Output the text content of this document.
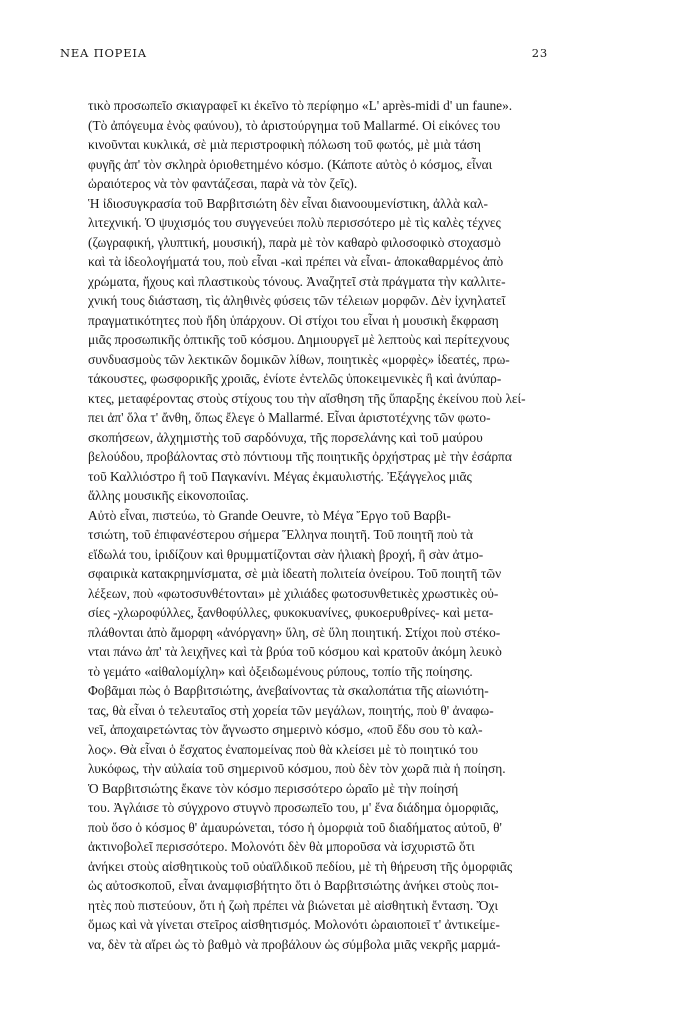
ΝΕΑ ΠΟΡΕΙΑ	23
τικὸ προσωπεῖο σκιαγραφεῖ κι ἐκεῖνο τὸ περίφημο «L' après-midi d' un faune».
(Τὸ ἀπόγευμα ἑνὸς φαύνου), τὸ ἀριστούργημα τοῦ Mallarmé. Οἱ εἰκόνες του
κινοῦνται κυκλικά, σὲ μιὰ περιστροφικὴ πόλωση τοῦ φωτός, μὲ μιὰ τάση
φυγῆς ἀπ' τὸν σκληρὰ ὁριοθετημένο κόσμο. (Κάποτε αὐτὸς ὁ κόσμος, εἶναι
ὡραιότερος νὰ τὸν φαντάζεσαι, παρὰ νὰ τὸν ζεῖς).
Ἡ ἰδιοσυγκρασία τοῦ Βαρβιτσιώτη δὲν εἶναι διανοουμενίστικη, ἀλλὰ καλ-
λιτεχνική. Ὁ ψυχισμός του συγγενεύει πολὺ περισσότερο μὲ τὶς καλὲς τέχνες
(ζωγραφική, γλυπτική, μουσική), παρὰ μὲ τὸν καθαρὸ φιλοσοφικὸ στοχασμὸ
καὶ τὰ ἰδεολογήματά του, ποὺ εἶναι -καὶ πρέπει νὰ εἶναι- ἀποκαθαρμένος ἀπὸ
χρώματα, ἤχους καὶ πλαστικοὺς τόνους. Ἀναζητεῖ στὰ πράγματα τὴν καλλιτε-
χνική τους διάσταση, τὶς ἀληθινὲς φύσεις τῶν τέλειων μορφῶν. Δὲν ἰχνηλατεῖ
πραγματικότητες ποὺ ἤδη ὑπάρχουν. Οἱ στίχοι του εἶναι ἡ μουσικὴ ἔκφραση
μιᾶς προσωπικῆς ὀπτικῆς τοῦ κόσμου. Δημιουργεῖ μὲ λεπτοὺς καὶ περίτεχνους
συνδυασμοὺς τῶν λεκτικῶν δομικῶν λίθων, ποιητικὲς «μορφὲς» ἰδεατές, πρω-
τάκουστες, φωσφορικῆς χροιᾶς, ἐνίοτε ἐντελῶς ὑποκειμενικὲς ἢ καὶ ἀνύπαρ-
κτες, μεταφέροντας στοὺς στίχους του τὴν αἴσθηση τῆς ὕπαρξης ἐκείνου ποὺ λεί-
πει ἀπ' ὅλα τ' ἄνθη, ὅπως ἔλεγε ὁ Mallarmé. Εἶναι ἀριστοτέχνης τῶν φωτο-
σκοπήσεων, ἀλχημιστὴς τοῦ σαρδόνυχα, τῆς πορσελάνης καὶ τοῦ μαύρου
βελούδου, προβάλοντας στὸ πόντιουμ τῆς ποιητικῆς ὀρχήστρας μὲ τὴν ἐσάρπα
τοῦ Καλλιόστρο ἢ τοῦ Παγκανίνι. Μέγας ἐκμαυλιστής. Ἐξάγγελος μιᾶς
ἄλλης μουσικῆς εἰκονοποιΐας.
Αὐτὸ εἶναι, πιστεύω, τὸ Grande Oeuvre, τὸ Μέγα Ἔργο τοῦ Βαρβι-
τσιώτη, τοῦ ἐπιφανέστερου σήμερα Ἕλληνα ποιητῆ. Τοῦ ποιητῆ ποὺ τὰ
εἴδωλά του, ἰριδίζουν καὶ θρυμματίζονται σὰν ἡλιακὴ βροχή, ἢ σὰν ἀτμο-
σφαιρικὰ κατακρημνίσματα, σὲ μιὰ ἰδεατὴ πολιτεία ὀνείρου. Τοῦ ποιητῆ τῶν
λέξεων, ποὺ «φωτοσυνθέτονται» μὲ χιλιάδες φωτοσυνθετικὲς χρωστικὲς οὐ-
σίες -χλωροφύλλες, ξανθοφύλλες, φυκοκυανίνες, φυκοερυθρίνες- καὶ μετα-
πλάθονται ἀπὸ ἄμορφη «ἀνόργανη» ὕλη, σὲ ὕλη ποιητική. Στίχοι ποὺ στέκο-
νται πάνω ἀπ' τὰ λειχῆνες καὶ τὰ βρύα τοῦ κόσμου καὶ κρατοῦν ἀκόμη λευκὸ
τὸ γεμάτο «αἰθαλομίχλη» καὶ ὀξειδωμένους ρύπους, τοπίο τῆς ποίησης.
Φοβᾶμαι πὼς ὁ Βαρβιτσιώτης, ἀνεβαίνοντας τὰ σκαλοπάτια τῆς αἰωνιότη-
τας, θὰ εἶναι ὁ τελευταῖος στὴ χορεία τῶν μεγάλων, ποιητής, ποὺ θ' ἀναφω-
νεῖ, ἀποχαιρετώντας τὸν ἄγνωστο σημερινὸ κόσμο, «ποῦ ἔδυ σου τὸ καλ-
λος». Θὰ εἶναι ὁ ἔσχατος ἐναπομείνας ποὺ θὰ κλείσει μὲ τὸ ποιητικό του
λυκόφως, τὴν αὐλαία τοῦ σημερινοῦ κόσμου, ποὺ δὲν τὸν χωρᾶ πιὰ ἡ ποίηση.
Ὁ Βαρβιτσιώτης ἔκανε τὸν κόσμο περισσότερο ὡραῖο μὲ τὴν ποίησή
του. Ἀγλάισε τὸ σύγχρονο στυγνὸ προσωπεῖο του, μ' ἕνα διάδημα ὀμορφιᾶς,
ποὺ ὅσο ὁ κόσμος θ' ἀμαυρώνεται, τόσο ἡ ὀμορφιὰ τοῦ διαδήματος αὐτοῦ, θ'
ἀκτινοβολεῖ περισσότερο. Μολονότι δὲν θὰ μποροῦσα νὰ ἰσχυριστῶ ὅτι
ἀνήκει στοὺς αἰσθητικοὺς τοῦ οὐαϊλδικοῦ πεδίου, μὲ τὴ θήρευση τῆς ὀμορφιᾶς
ὡς αὐτοσκοποῦ, εἶναι ἀναμφισβήτητο ὅτι ὁ Βαρβιτσιώτης ἀνήκει στοὺς ποι-
ητὲς ποὺ πιστεύουν, ὅτι ἡ ζωὴ πρέπει νὰ βιώνεται μὲ αἰσθητικὴ ἔνταση. Ὄχι
ὅμως καὶ νὰ γίνεται στεῖρος αἰσθητισμός. Μολονότι ὡραιοποιεῖ τ' ἀντικείμε-
να, δὲν τὰ αἴρει ὡς τὸ βαθμὸ νὰ προβάλουν ὡς σύμβολα μιᾶς νεκρῆς μαρμά-
